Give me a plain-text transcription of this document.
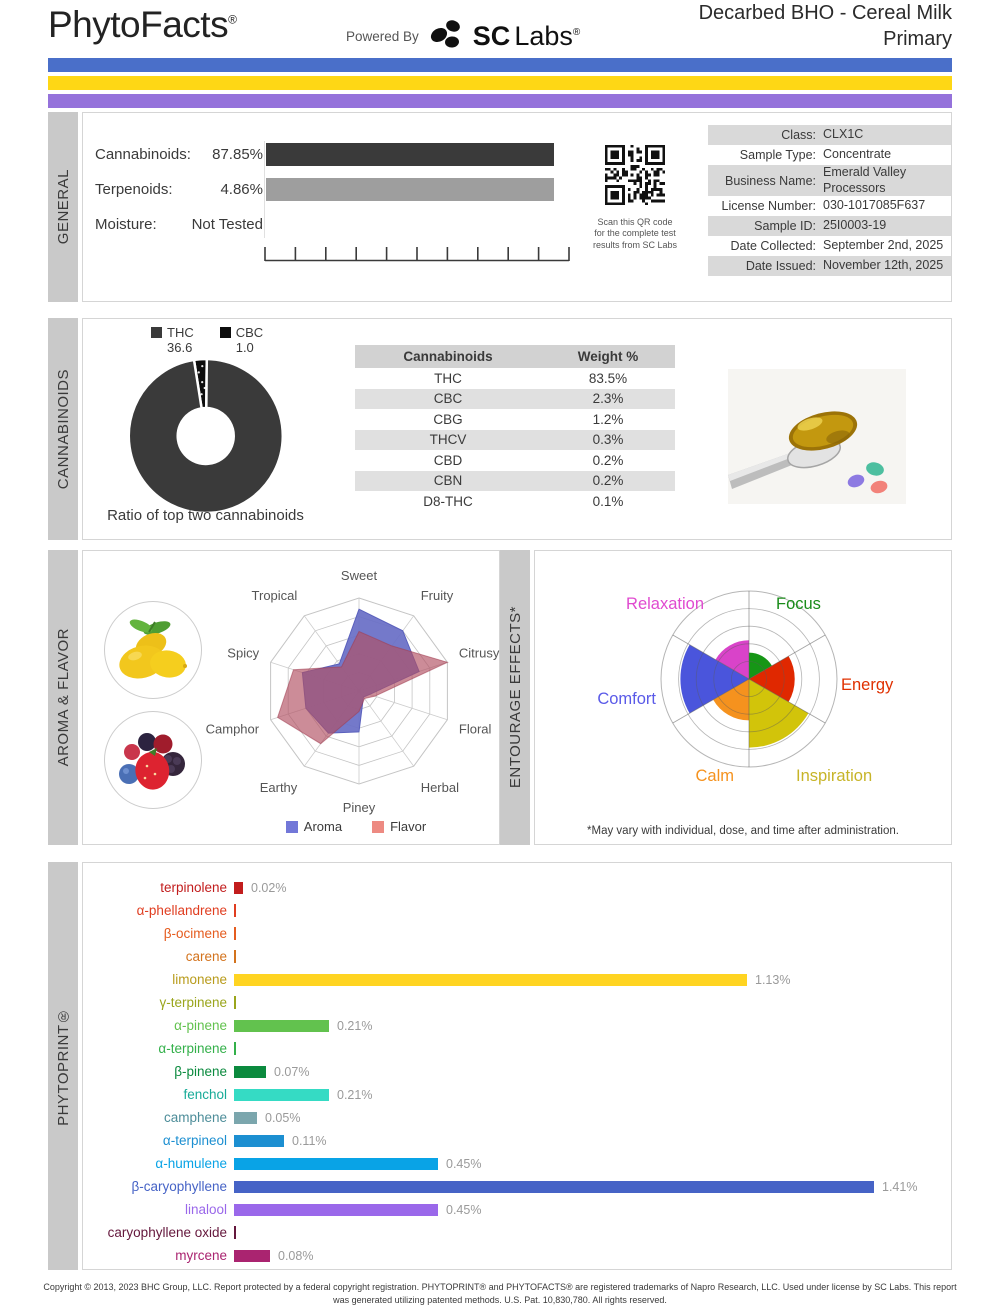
PhytoFacts®
Powered By SC Labs®
Decarbed BHO - Cereal Milk
Primary
GENERAL
Cannabinoids: 87.85%
Terpenoids:	4.86%
Moisture: Not Tested	Scan this QR code
for the complete test
results from SC Labs
Class: CLX1C
Sample Type: Concentrate
Business Name:
Emerald Valley Processors
License Number: 030-1017085F637
Sample ID: 25I0003-19
Date Collected: September 2nd, 2025
Date Issued: November 12th, 2025
CANNABINOIDS
THC
36.6
CBC
1.0
Ratio of top two cannabinoids
Cannabinoids	Weight %
THC	83.5%
CBC	2.3%
CBG	1.2%
THCV	0.3%
CBD	0.2%
CBN	0.2%
D8-THC	0.1%
AROMA & FLAVOR
Sweet
Fruity
Citrusy
Floral
Herbal
Piney
Earthy
Camphor
Spicy
Tropical
Aroma	Flavor
ENTOURAGE EFFECTS*
Focus
Energy
Inspiration
Calm
Comfort
Relaxation
*May vary with individual, dose, and time after administration.
PHYTOPRINT®
terpinolene 0.02%
α-phellandrene
β-ocimene
carene
limonene	1.13%
γ-terpinene
α-pinene	0.21%
α-terpinene
β-pinene	0.07%
fenchol	0.21%
camphene	0.05%
α-terpineol	0.11%
α-humulene	0.45%
β-caryophyllene	1.41%
linalool	0.45%
caryophyllene oxide
myrcene	0.08%
Copyright © 2013, 2023 BHC Group, LLC. Report protected by a federal copyright registration. PHYTOPRINT® and PHYTOFACTS® are registered trademarks of Napro Research, LLC. Used under license by SC Labs. This report
was generated utilizing patented methods. U.S. Pat. 10,830,780. All rights reserved.
